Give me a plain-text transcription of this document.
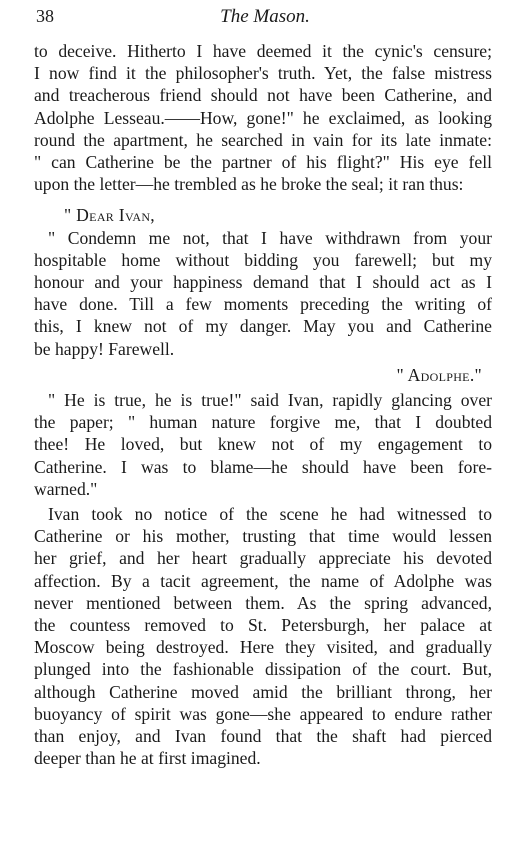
38	The Mason.
to deceive. Hitherto I have deemed it the cynic's censure;
I now find it the philosopher's truth. Yet, the false mistress
and treacherous friend should not have been Catherine, and
Adolphe Lesseau.——How, gone!" he exclaimed, as looking
round the apartment, he searched in vain for its late inmate:
" can Catherine be the partner of his flight?" His eye fell
upon the letter—he trembled as he broke the seal; it ran thus:
" Dear Ivan,
" Condemn me not, that I have withdrawn from your
hospitable home without bidding you farewell; but my
honour and your happiness demand that I should act as I
have done. Till a few moments preceding the writing of
this, I knew not of my danger. May you and Catherine
be happy! Farewell.
" Adolphe."
" He is true, he is true!" said Ivan, rapidly glancing over
the paper; " human nature forgive me, that I doubted
thee! He loved, but knew not of my engagement to
Catherine. I was to blame—he should have been fore-
warned."
Ivan took no notice of the scene he had witnessed to
Catherine or his mother, trusting that time would lessen
her grief, and her heart gradually appreciate his devoted
affection. By a tacit agreement, the name of Adolphe was
never mentioned between them. As the spring advanced,
the countess removed to St. Petersburgh, her palace at
Moscow being destroyed. Here they visited, and gradually
plunged into the fashionable dissipation of the court. But,
although Catherine moved amid the brilliant throng, her
buoyancy of spirit was gone—she appeared to endure rather
than enjoy, and Ivan found that the shaft had pierced
deeper than he at first imagined.
